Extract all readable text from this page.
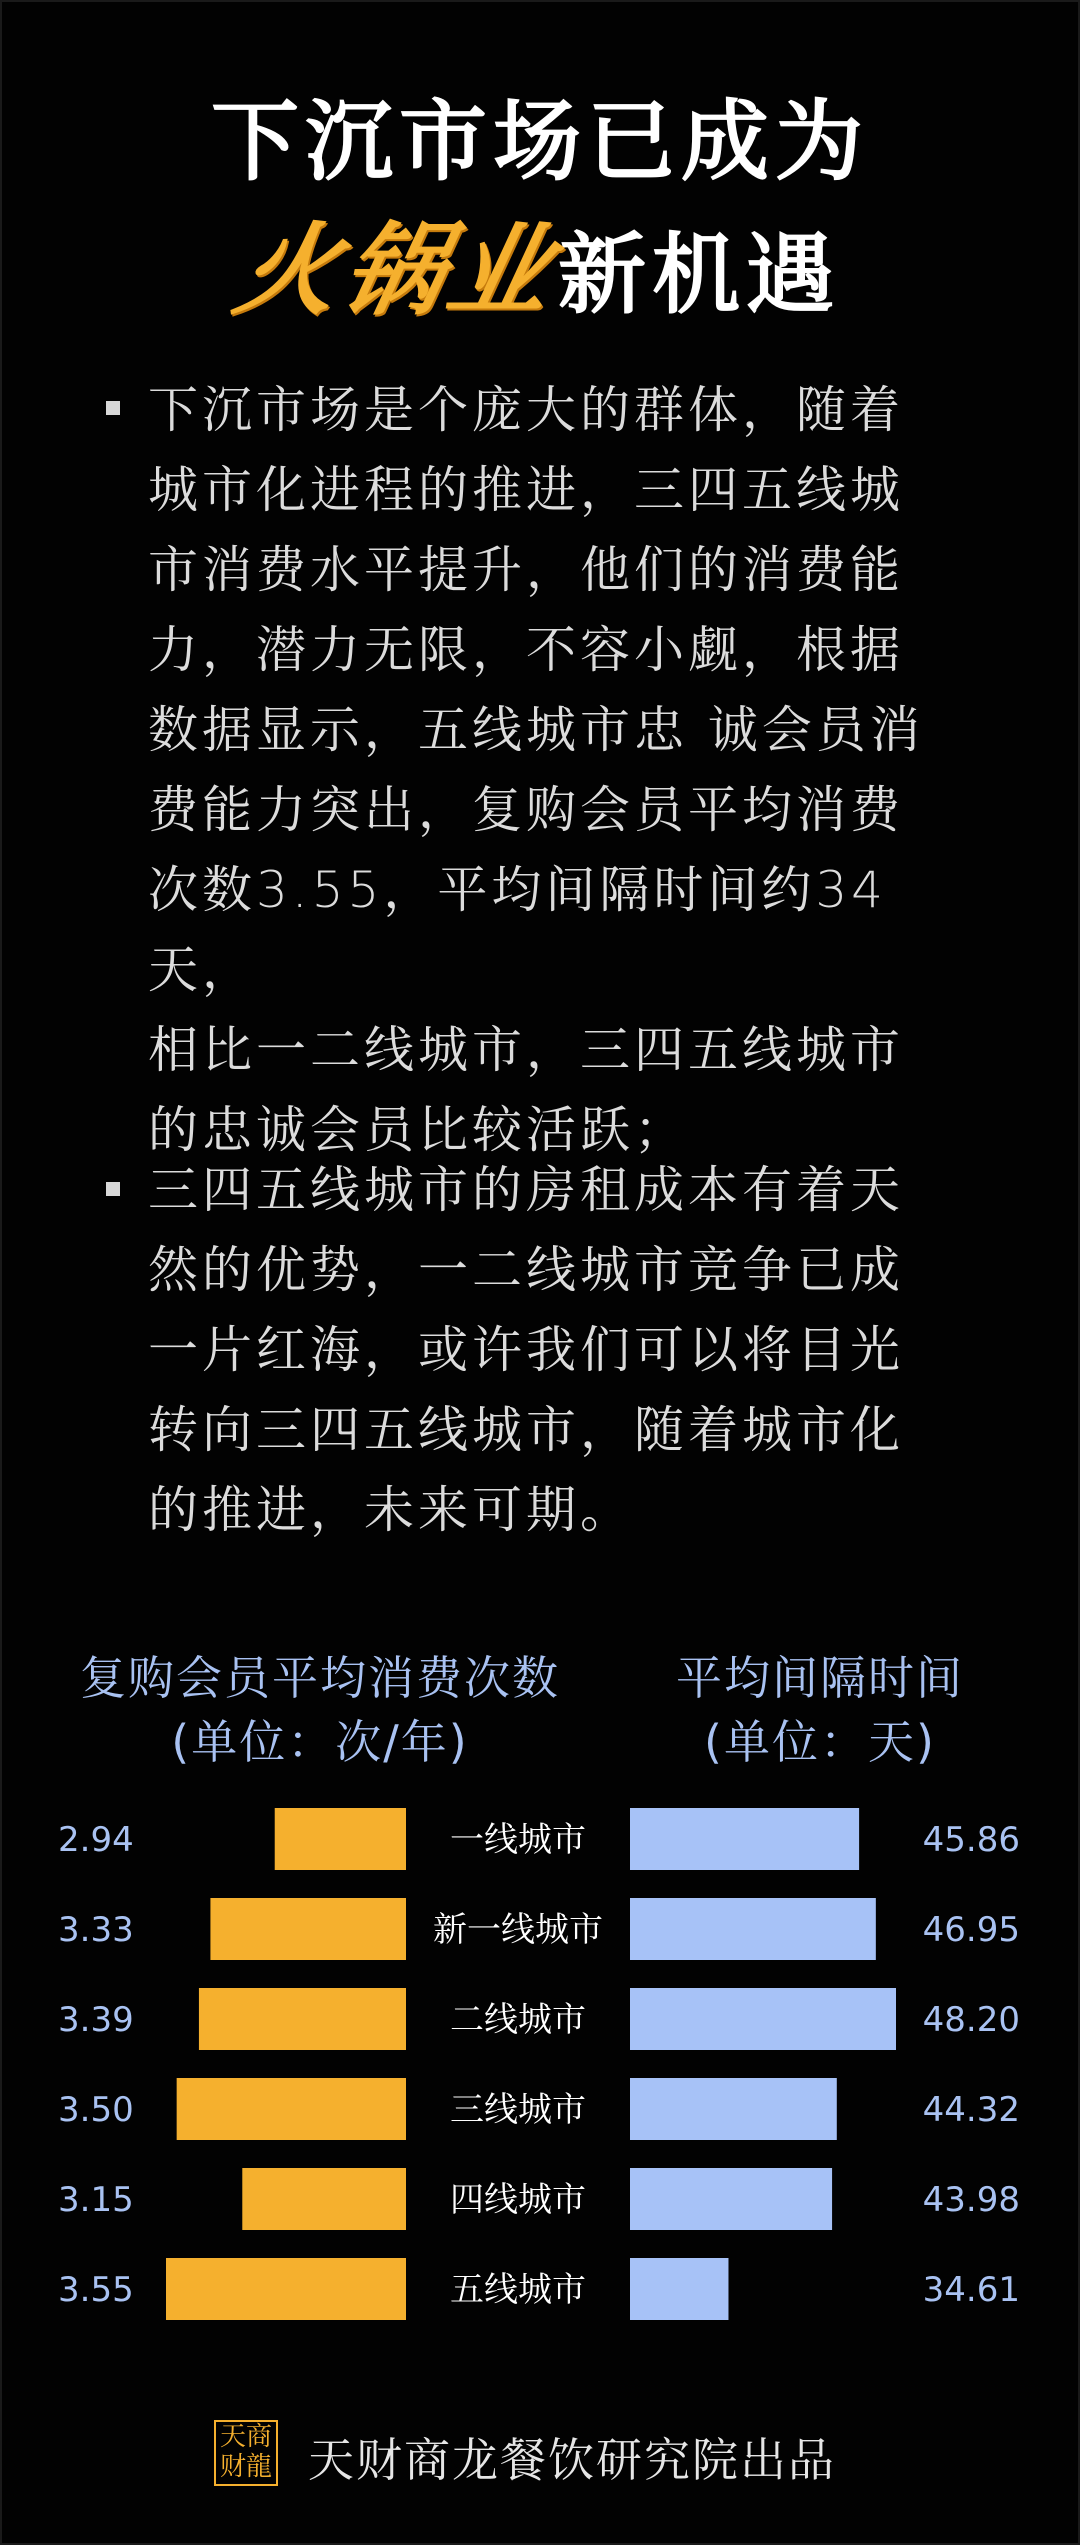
下沉市场已成为
火锅业新机遇
下沉市场是个庞大的群体，随着
城市化进程的推进，三四五线城
市消费水平提升，他们的消费能
力，潜力无限，不容小觑，根据
数据显示，五线城市忠 诚会员消
费能力突出，复购会员平均消费
次数3.55，平均间隔时间约34天，
相比一二线城市，三四五线城市
的忠诚会员比较活跃；
三四五线城市的房租成本有着天
然的优势，一二线城市竞争已成
一片红海，或许我们可以将目光
转向三四五线城市，随着城市化
的推进，未来可期。
复购会员平均消费次数
(单位：次/年)
平均间隔时间
(单位：天)
2.94	一线城市	45.86
3.33	新一线城市	46.95
3.39	二线城市	48.20
3.50	三线城市	44.32
3.15	四线城市	43.98
3.55	五线城市	34.61
天商
财龍 天财商龙餐饮研究院出品
